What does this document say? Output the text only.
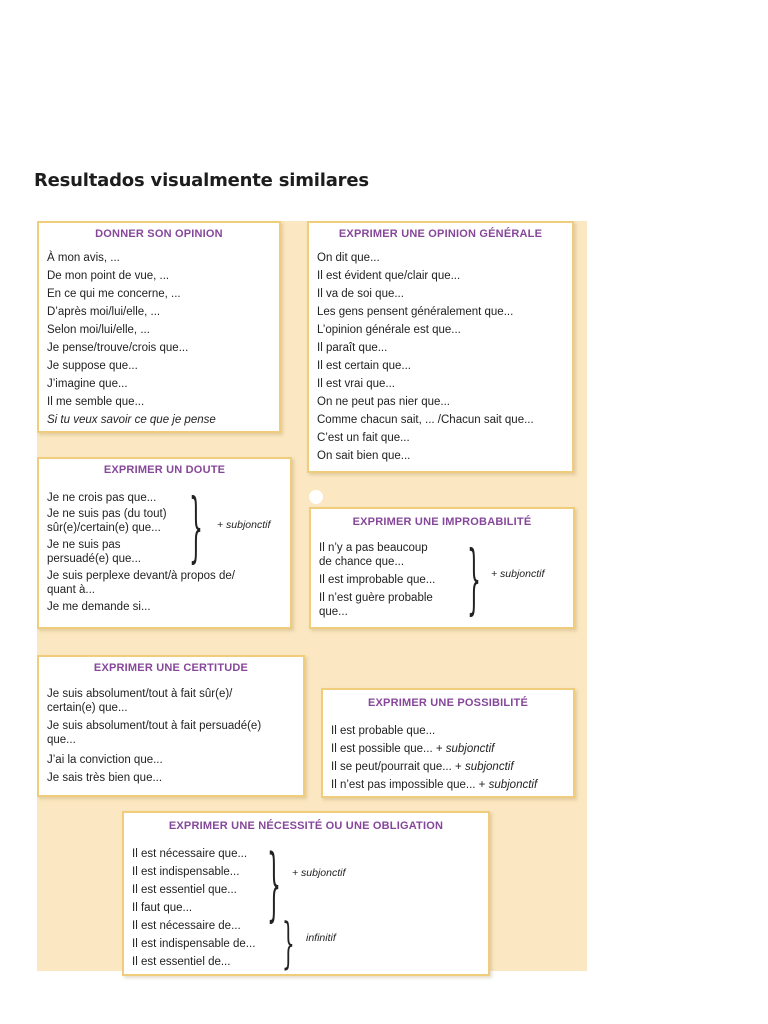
Resultados visualmente similares
DONNER SON OPINION
À mon avis, ...
De mon point de vue, ...
En ce qui me concerne, ...
D’après moi/lui/elle, ...
Selon moi/lui/elle, ...
Je pense/trouve/crois que...
Je suppose que...
J’imagine que...
Il me semble que...
Si tu veux savoir ce que je pense
EXPRIMER UNE OPINION GÉNÉRALE
On dit que...
Il est évident que/clair que...
Il va de soi que...
Les gens pensent généralement que...
L’opinion générale est que...
Il paraît que...
Il est certain que...
Il est vrai que...
On ne peut pas nier que...
Comme chacun sait, ... /Chacun sait que...
C’est un fait que...
On sait bien que...
EXPRIMER UN DOUTE
Je ne crois pas que...
Je ne suis pas (du tout)
sûr(e)/certain(e) que...
Je ne suis pas
persuadé(e) que...
Je suis perplexe devant/à propos de/
quant à...
Je me demande si...
} + subjonctif	EXPRIMER UNE IMPROBABILITÉ
Il n’y a pas beaucoup
de chance que...
Il est improbable que...
Il n’est guère probable
que...	} + subjonctif
EXPRIMER UNE CERTITUDE
Je suis absolument/tout à fait sûr(e)/
certain(e) que...
Je suis absolument/tout à fait persuadé(e)
que...
J’ai la conviction que...
Je sais très bien que...
EXPRIMER UNE POSSIBILITÉ
Il est probable que...
Il est possible que... + subjonctif
Il se peut/pourrait que... + subjonctif
Il n’est pas impossible que... + subjonctif
EXPRIMER UNE NÉCESSITÉ OU UNE OBLIGATION
Il est nécessaire que...
Il est indispensable...
Il est essentiel que...
Il faut que...
Il est nécessaire de...
Il est indispensable de...
Il est essentiel de...
} + subjonctif
} infinitif
